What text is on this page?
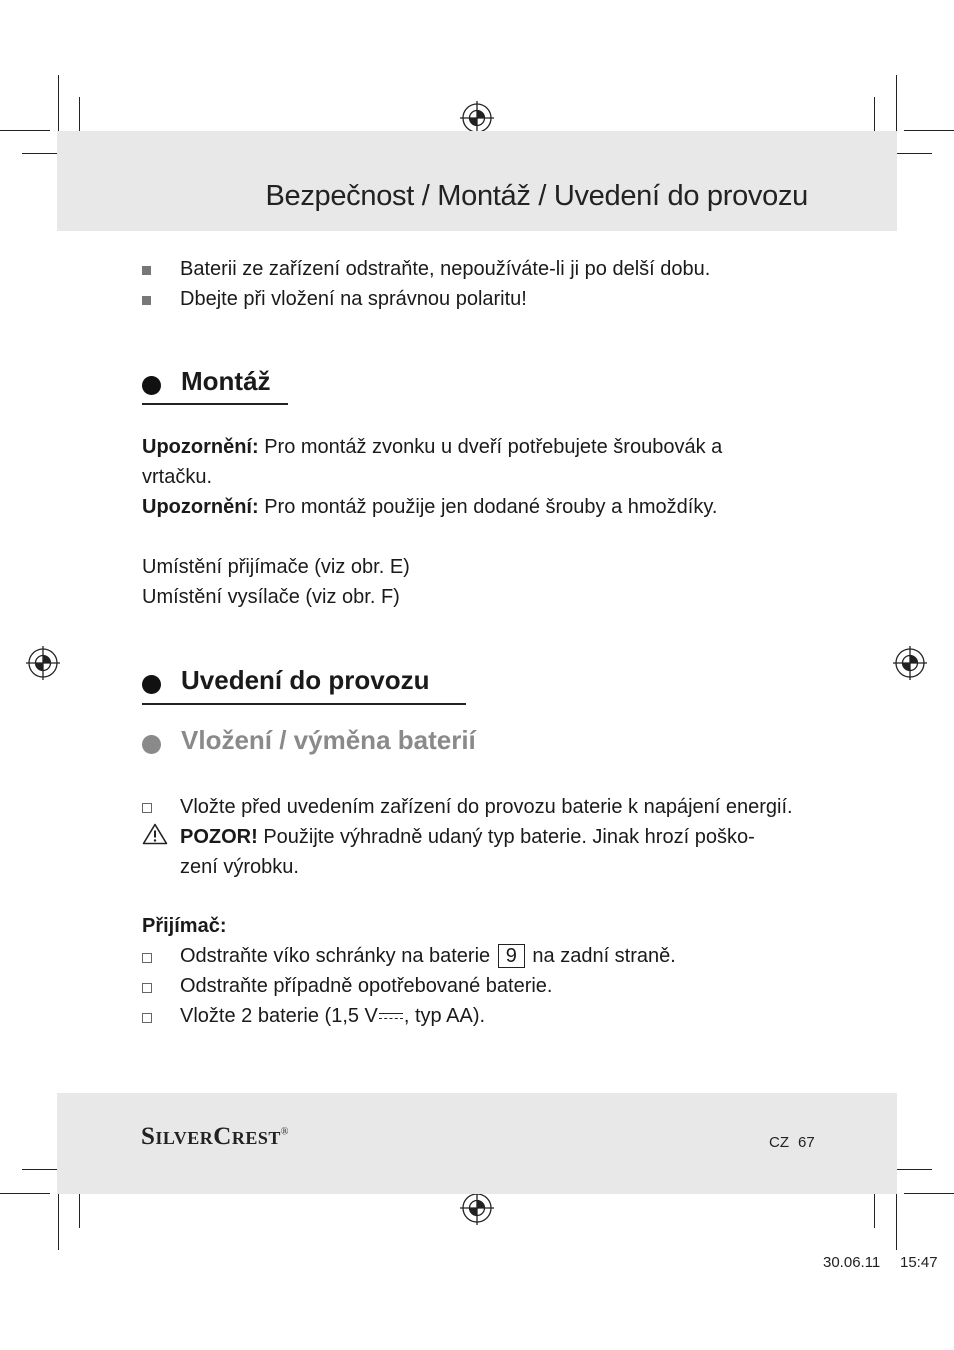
Bezpečnost / Montáž / Uvedení do provozu
Baterii ze zařízení odstraňte, nepoužíváte-li ji po delší dobu.
Dbejte při vložení na správnou polaritu!
Montáž
Upozornění: Pro montáž zvonku u dveří potřebujete šroubovák a
vrtačku.
Upozornění: Pro montáž použije jen dodané šrouby a hmoždíky.
Umístění přijímače (viz obr. E)
Umístění vysílače (viz obr. F)
Uvedení do provozu
Vložení / výměna baterií
Vložte před uvedením zařízení do provozu baterie k napájení energií.
POZOR! Použijte výhradně udaný typ baterie. Jinak hrozí poško-
zení výrobku.
Přijímač:
Odstraňte víko schránky na baterie 9 na zadní straně.
Odstraňte případně opotřebované baterie.
Vložte 2 baterie (1,5 V , typ AA).
SilverCrest®
CZ 67
30.06.11 15:47
